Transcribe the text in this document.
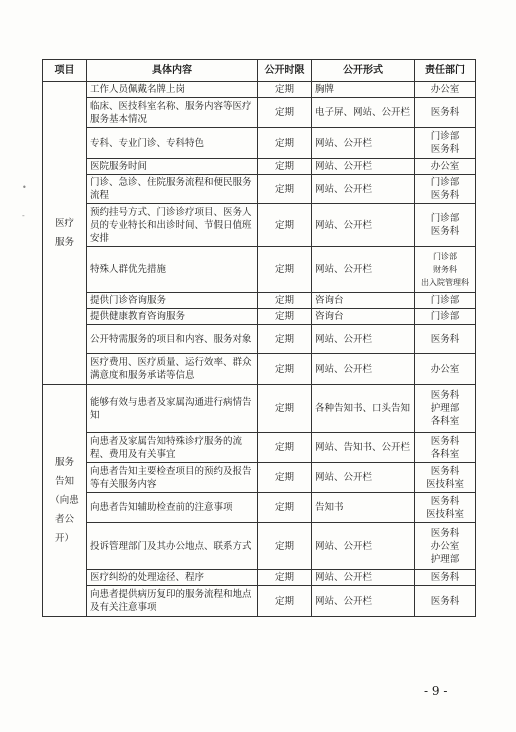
•
-
项目	具体内容	公开时限	公开形式	责任部门
医疗
服务	工作人员佩戴名牌上岗	定期	胸牌	办公室
	临床、医技科室名称、服务内容等医疗服务基本情况	定期	电子屏、网站、公开栏	医务科
	专科、专业门诊、专科特色	定期	网站、公开栏	门诊部
医务科
	医院服务时间	定期	网站、公开栏	办公室
	门诊、急诊、住院服务流程和便民服务流程	定期	网站、公开栏	门诊部
医务科
	预约挂号方式、门诊诊疗项目、医务人员的专业特长和出诊时间、节假日值班安排	定期	网站、公开栏	门诊部
医务科
	特殊人群优先措施	定期	网站、公开栏	门诊部
财务科
出入院管理科
	提供门诊咨询服务	定期	咨询台	门诊部
	提供健康教育咨询服务	定期	咨询台	门诊部
	公开特需服务的项目和内容、服务对象	定期	网站、公开栏	医务科
	医疗费用、医疗质量、运行效率、群众满意度和服务承诺等信息	定期	网站、公开栏	办公室
服务
告知
（向患
者公
开）	能够有效与患者及家属沟通进行病情告知	定期	各种告知书、口头告知	医务科
护理部
各科室
	向患者及家属告知特殊诊疗服务的流程、费用及有关事宜	定期	网站、告知书、公开栏	医务科
各科室
	向患者告知主要检查项目的预约及报告等有关服务内容	定期	网站、公开栏	医务科
医技科室
	向患者告知辅助检查前的注意事项	定期	告知书	医务科
医技科室
	投诉管理部门及其办公地点、联系方式	定期	网站、公开栏	医务科
办公室
护理部
	医疗纠纷的处理途径、程序	定期	网站、公开栏	医务科
	向患者提供病历复印的服务流程和地点及有关注意事项	定期	网站、公开栏	医务科
- 9 -
